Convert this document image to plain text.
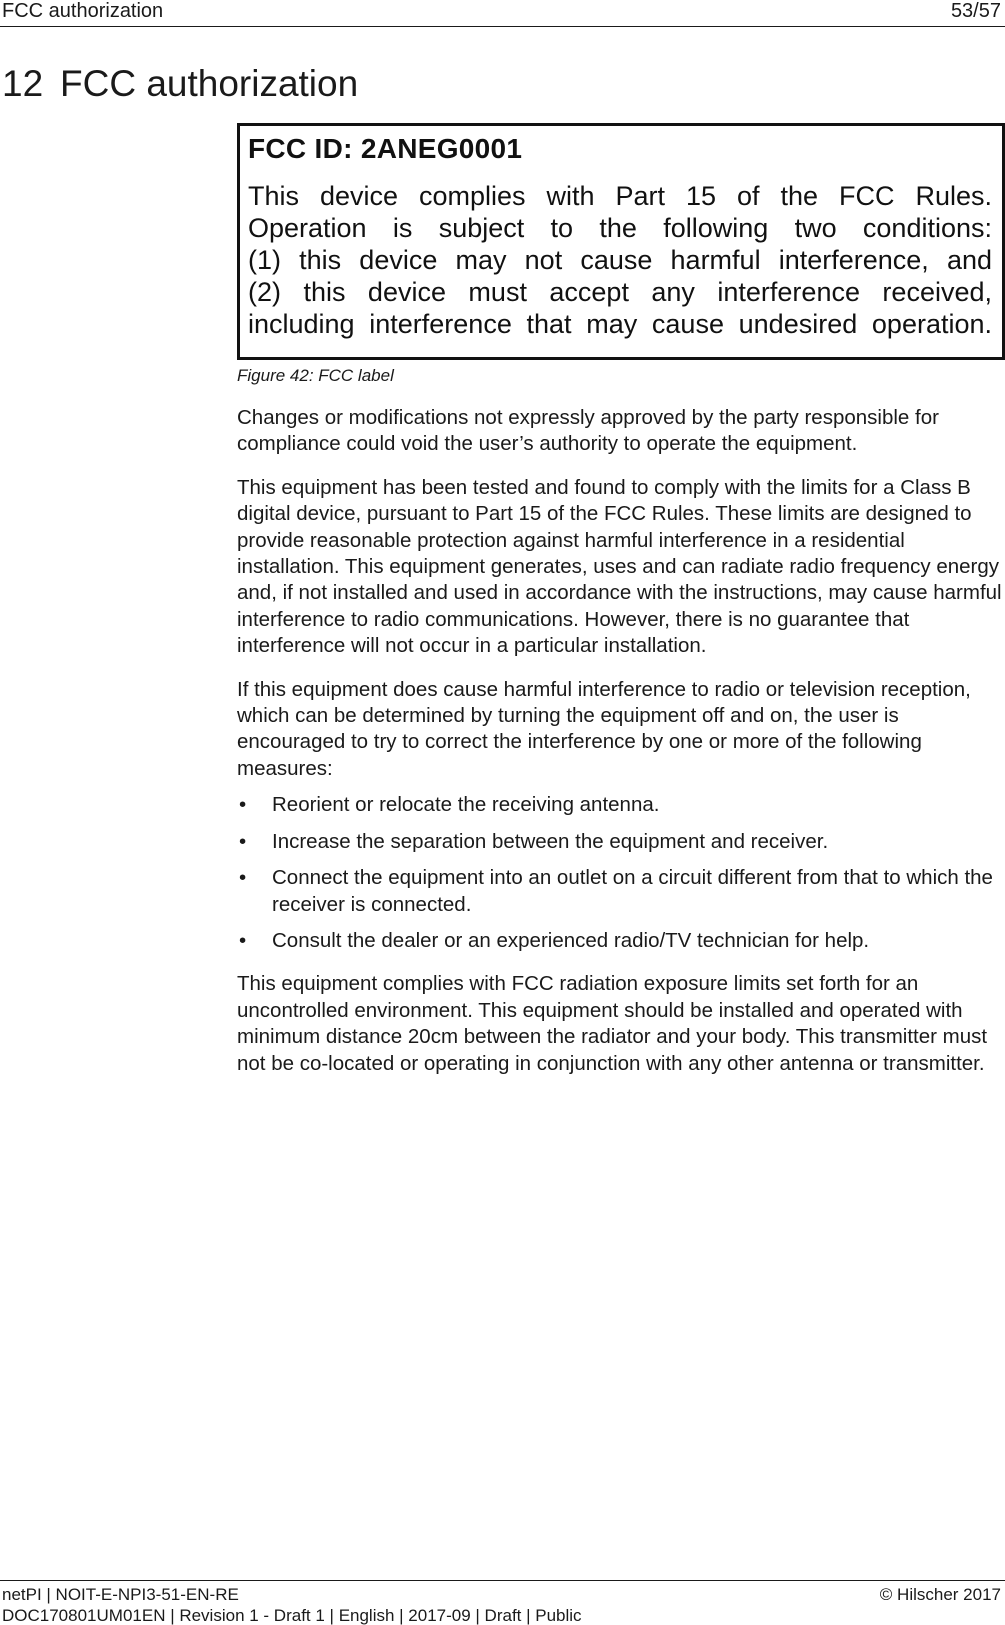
FCC authorization	53/57
12 FCC authorization
FCC ID: 2ANEG0001
This device complies with Part 15 of the FCC Rules.
Operation is subject to the following two conditions:
(1) this device may not cause harmful interference, and
(2) this device must accept any interference received,
including interference that may cause undesired operation.
Figure 42: FCC label

Changes or modifications not expressly approved by the party responsible for compliance could void the user’s authority to operate the equipment.

This equipment has been tested and found to comply with the limits for a Class B digital device, pursuant to Part 15 of the FCC Rules. These limits are designed to provide reasonable protection against harmful interference in a residential installation. This equipment generates, uses and can radiate radio frequency energy and, if not installed and used in accordance with the instructions, may cause harmful interference to radio communications. However, there is no guarantee that interference will not occur in a particular installation.

If this equipment does cause harmful interference to radio or television reception, which can be determined by turning the equipment off and on, the user is encouraged to try to correct the interference by one or more of the following measures:

• Reorient or relocate the receiving antenna.
• Increase the separation between the equipment and receiver.
• Connect the equipment into an outlet on a circuit different from that to which the receiver is connected.
• Consult the dealer or an experienced radio/TV technician for help.

This equipment complies with FCC radiation exposure limits set forth for an uncontrolled environment. This equipment should be installed and operated with minimum distance 20cm between the radiator and your body. This transmitter must not be co-located or operating in conjunction with any other antenna or transmitter.

netPI | NOIT-E-NPI3-51-EN-RE	© Hilscher 2017
DOC170801UM01EN | Revision 1 - Draft 1 | English | 2017-09 | Draft | Public
